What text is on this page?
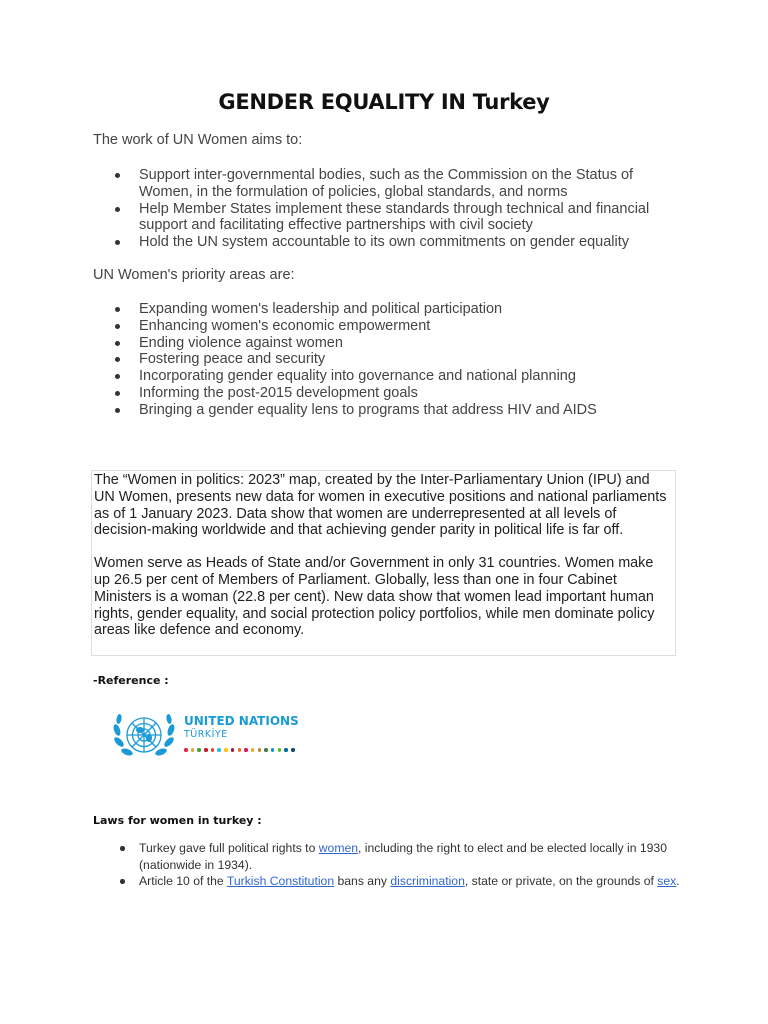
GENDER EQUALITY IN Turkey

The work of UN Women aims to:

Support inter-governmental bodies, such as the Commission on the Status of Women, in the formulation of policies, global standards, and norms
Help Member States implement these standards through technical and financial support and facilitating effective partnerships with civil society
Hold the UN system accountable to its own commitments on gender equality

UN Women's priority areas are:

Expanding women's leadership and political participation
Enhancing women's economic empowerment
Ending violence against women
Fostering peace and security
Incorporating gender equality into governance and national planning
Informing the post-2015 development goals
Bringing a gender equality lens to programs that address HIV and AIDS

The “Women in politics: 2023” map, created by the Inter-Parliamentary Union (IPU) and UN Women, presents new data for women in executive positions and national parliaments as of 1 January 2023. Data show that women are underrepresented at all levels of decision-making worldwide and that achieving gender parity in political life is far off.

Women serve as Heads of State and/or Government in only 31 countries. Women make up 26.5 per cent of Members of Parliament. Globally, less than one in four Cabinet Ministers is a woman (22.8 per cent). New data show that women lead important human rights, gender equality, and social protection policy portfolios, while men dominate policy areas like defence and economy.

-Reference :

UNITED NATIONS
TÜRKİYE

Laws for women in turkey :

Turkey gave full political rights to women, including the right to elect and be elected locally in 1930 (nationwide in 1934).
Article 10 of the Turkish Constitution bans any discrimination, state or private, on the grounds of sex.
